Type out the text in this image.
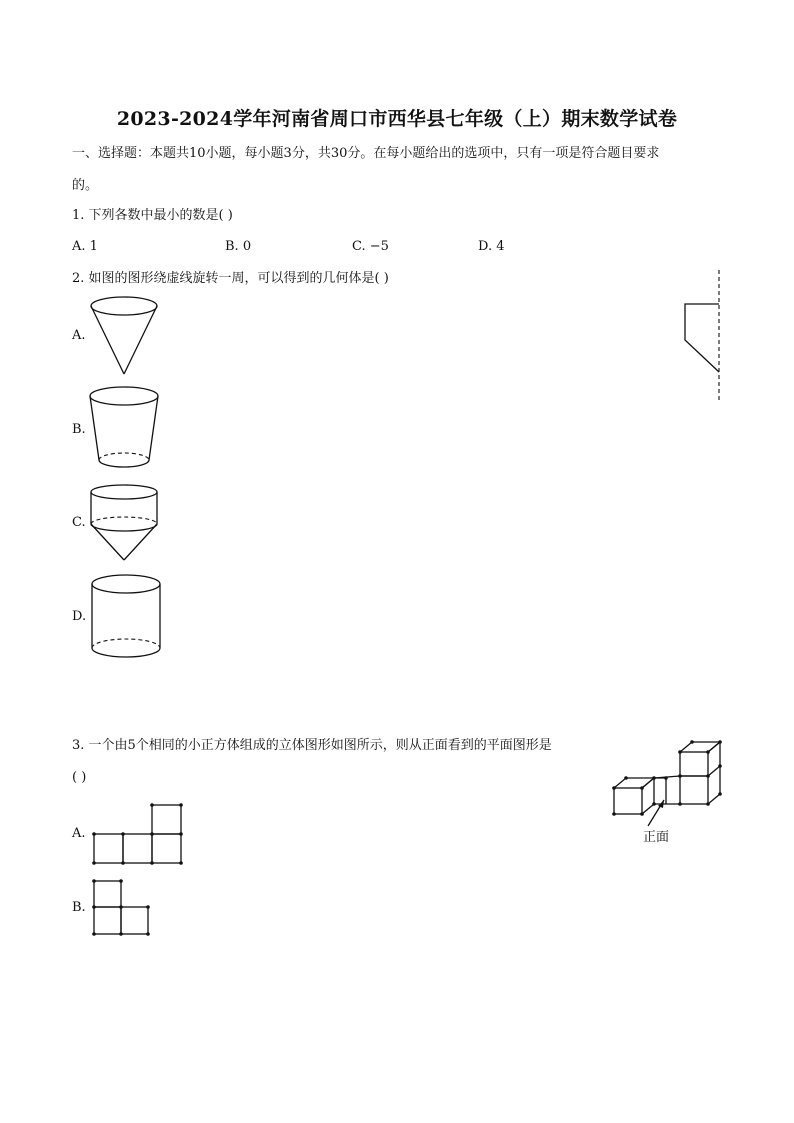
2023-2024学年河南省周口市西华县七年级（上）期末数学试卷
一、选择题：本题共10小题，每小题3分，共30分。在每小题给出的选项中，只有一项是符合题目要求
的。
1. 下列各数中最小的数是( )
A. 1	B. 0	C. −5	D. 4
2. 如图的图形绕虚线旋转一周，可以得到的几何体是( )
A.
B.
C.
D.
3. 一个由5个相同的小正方体组成的立体图形如图所示，则从正面看到的平面图形是
( )
正面
A.
B.
